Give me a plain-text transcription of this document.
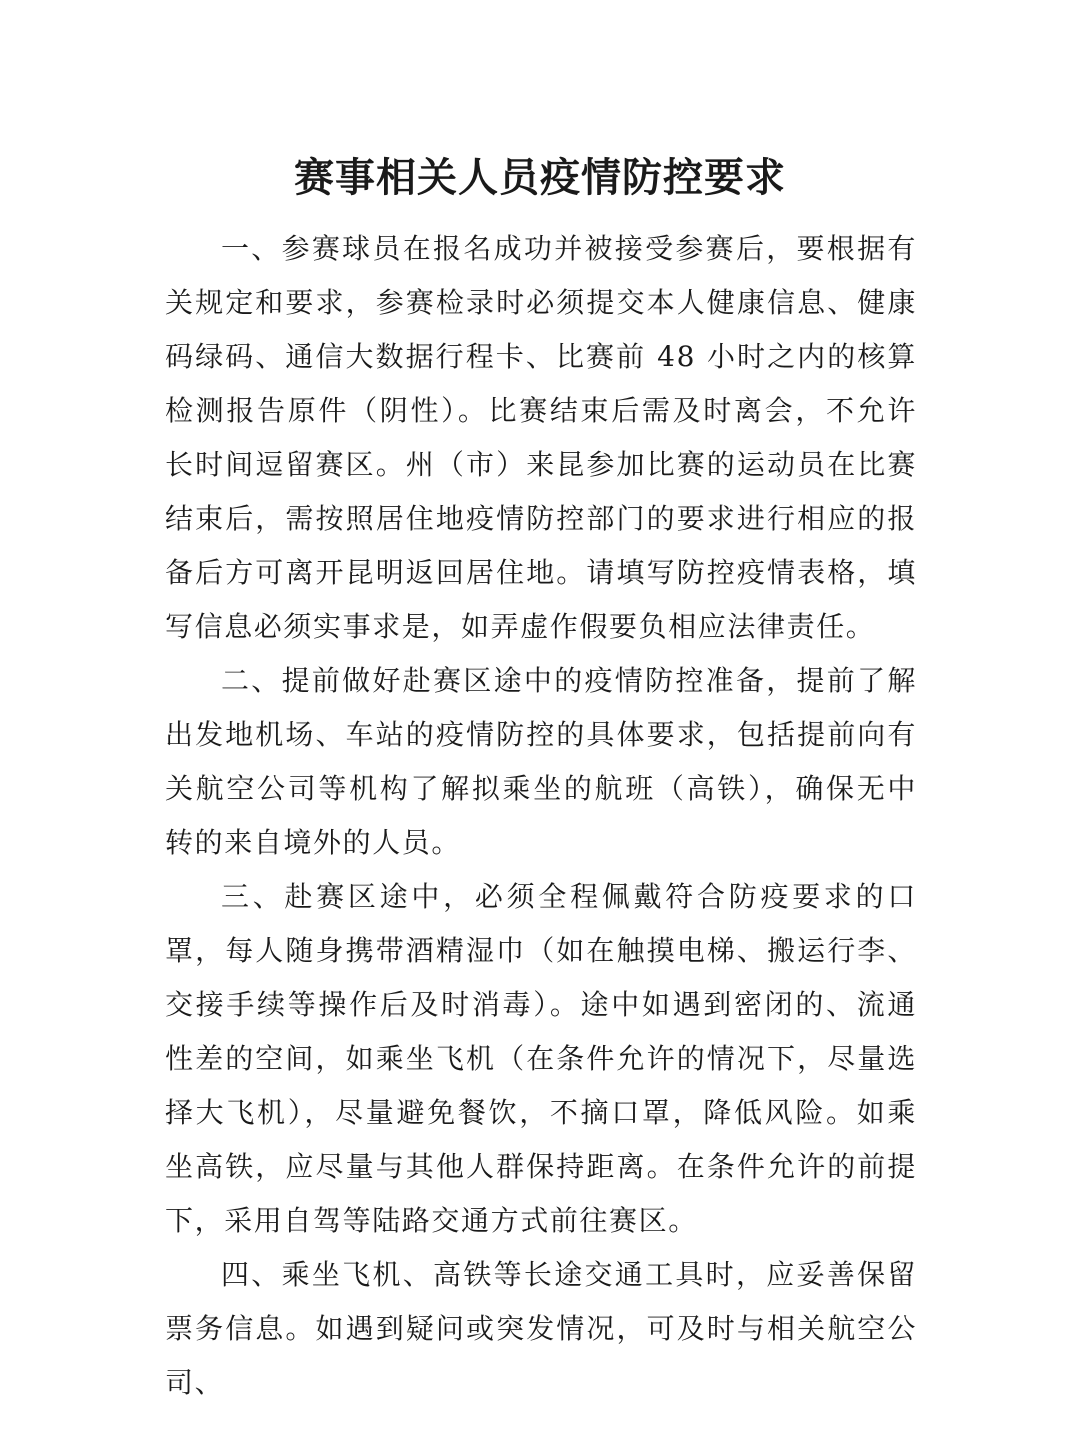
赛事相关人员疫情防控要求

一、参赛球员在报名成功并被接受参赛后，要根据有关规定和要求，参赛检录时必须提交本人健康信息、健康码绿码、通信大数据行程卡、比赛前 48 小时之内的核算检测报告原件（阴性）。比赛结束后需及时离会，不允许长时间逗留赛区。州（市）来昆参加比赛的运动员在比赛结束后，需按照居住地疫情防控部门的要求进行相应的报备后方可离开昆明返回居住地。请填写防控疫情表格，填写信息必须实事求是，如弄虚作假要负相应法律责任。

二、提前做好赴赛区途中的疫情防控准备，提前了解出发地机场、车站的疫情防控的具体要求，包括提前向有关航空公司等机构了解拟乘坐的航班（高铁），确保无中转的来自境外的人员。

三、赴赛区途中，必须全程佩戴符合防疫要求的口罩，每人随身携带酒精湿巾（如在触摸电梯、搬运行李、交接手续等操作后及时消毒）。途中如遇到密闭的、流通性差的空间，如乘坐飞机（在条件允许的情况下，尽量选择大飞机），尽量避免餐饮，不摘口罩，降低风险。如乘坐高铁，应尽量与其他人群保持距离。在条件允许的前提下，采用自驾等陆路交通方式前往赛区。

四、乘坐飞机、高铁等长途交通工具时，应妥善保留票务信息。如遇到疑问或突发情况，可及时与相关航空公司、
